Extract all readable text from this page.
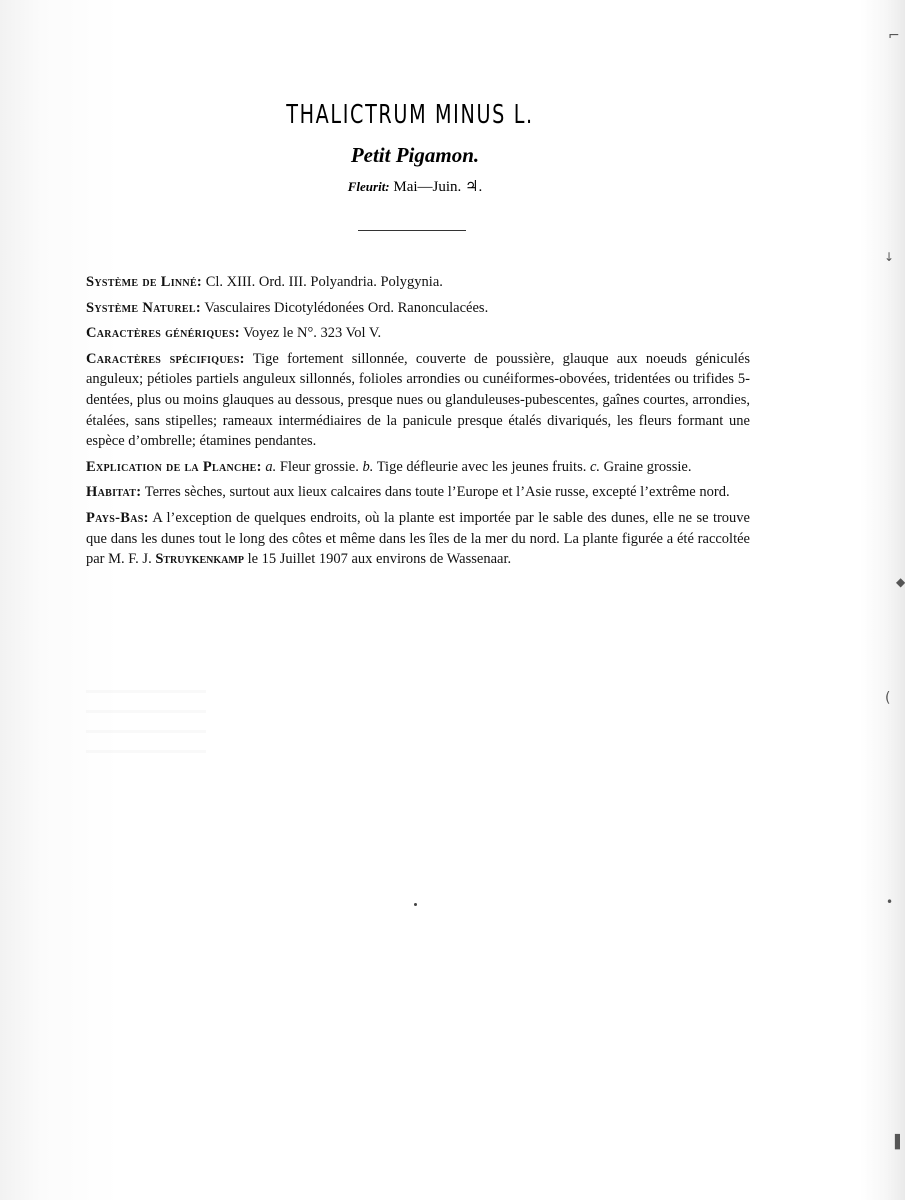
THALICTRUM MINUS L.
Petit Pigamon.
Fleurit: Mai—Juin. ♃.

Système de Linné : Cl. XIII. Ord. III. Polyandria. Polygynia.

Système Naturel : Vasculaires Dicotylédonées Ord. Ranonculacées.

Caractères génériques : Voyez le N°. 323 Vol V.

Caractères spécifiques : Tige fortement sillonnée, couverte de poussière, glauque aux noeuds géniculés anguleux; pétioles partiels anguleux sillonnés, folioles arrondies ou cunéiformes-obovées, tridentées ou trifides 5-dentées, plus ou moins glauques au dessous, presque nues ou glanduleuses-pubescentes, gaînes courtes, arrondies, étalées, sans stipelles; rameaux intermédiaires de la panicule presque étalés divariqués, les fleurs formant une espèce d’ombrelle; étamines pendantes.

Explication de la Planche : a. Fleur grossie. b. Tige défleurie avec les jeunes fruits. c. Graine grossie.

Habitat : Terres sèches, surtout aux lieux calcaires dans toute l’Europe et l’Asie russe, excepté l’extrême nord.

Pays-Bas : A l’exception de quelques endroits, où la plante est importée par le sable des dunes, elle ne se trouve que dans les dunes tout le long des côtes et même dans les îles de la mer du nord. La plante figurée a été raccoltée par M. F. J. Struykenkamp le 15 Juillet 1907 aux environs de Wassenaar.

⌐
↓
◆
(
•
▌
